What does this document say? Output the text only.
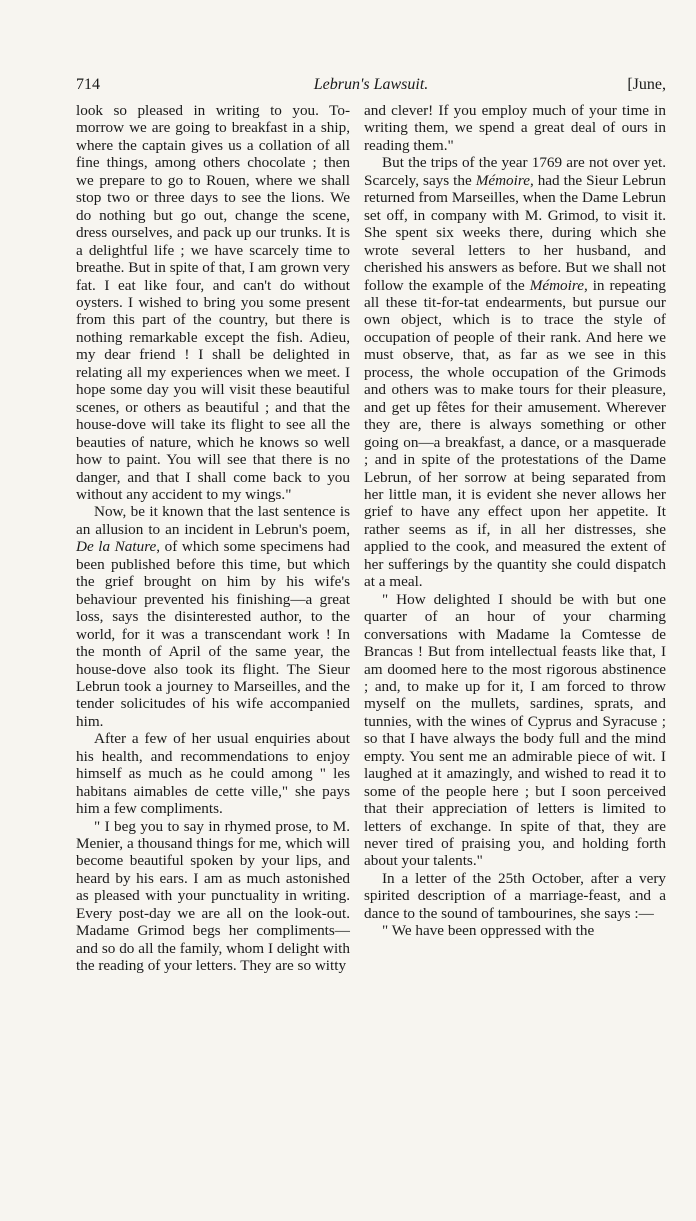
714	Lebrun's Lawsuit.	[June,

look so pleased in writing to you. To-morrow we are going to breakfast in a ship, where the captain gives us a collation of all fine things, among others chocolate ; then we prepare to go to Rouen, where we shall stop two or three days to see the lions. We do nothing but go out, change the scene, dress ourselves, and pack up our trunks. It is a delightful life ; we have scarcely time to breathe. But in spite of that, I am grown very fat. I eat like four, and can't do without oysters. I wished to bring you some present from this part of the country, but there is nothing remarkable except the fish. Adieu, my dear friend ! I shall be delighted in relating all my experiences when we meet. I hope some day you will visit these beautiful scenes, or others as beautiful ; and that the house-dove will take its flight to see all the beauties of nature, which he knows so well how to paint. You will see that there is no danger, and that I shall come back to you without any accident to my wings."

Now, be it known that the last sentence is an allusion to an incident in Lebrun's poem, De la Nature, of which some specimens had been published before this time, but which the grief brought on him by his wife's behaviour prevented his finishing—a great loss, says the disinterested author, to the world, for it was a transcendant work ! In the month of April of the same year, the house-dove also took its flight. The Sieur Lebrun took a journey to Marseilles, and the tender solicitudes of his wife accompanied him.

After a few of her usual enquiries about his health, and recommendations to enjoy himself as much as he could among " les habitans aimables de cette ville," she pays him a few compliments.

" I beg you to say in rhymed prose, to M. Menier, a thousand things for me, which will become beautiful spoken by your lips, and heard by his ears. I am as much astonished as pleased with your punctuality in writing. Every post-day we are all on the look-out. Madame Grimod begs her compliments—and so do all the family, whom I delight with the reading of your letters. They are so witty

and clever! If you employ much of your time in writing them, we spend a great deal of ours in reading them."

But the trips of the year 1769 are not over yet. Scarcely, says the Mémoire, had the Sieur Lebrun returned from Marseilles, when the Dame Lebrun set off, in company with M. Grimod, to visit it. She spent six weeks there, during which she wrote several letters to her husband, and cherished his answers as before. But we shall not follow the example of the Mémoire, in repeating all these tit-for-tat endearments, but pursue our own object, which is to trace the style of occupation of people of their rank. And here we must observe, that, as far as we see in this process, the whole occupation of the Grimods and others was to make tours for their pleasure, and get up fêtes for their amusement. Wherever they are, there is always something or other going on—a breakfast, a dance, or a masquerade ; and in spite of the protestations of the Dame Lebrun, of her sorrow at being separated from her little man, it is evident she never allows her grief to have any effect upon her appetite. It rather seems as if, in all her distresses, she applied to the cook, and measured the extent of her sufferings by the quantity she could dispatch at a meal.

" How delighted I should be with but one quarter of an hour of your charming conversations with Madame la Comtesse de Brancas ! But from intellectual feasts like that, I am doomed here to the most rigorous abstinence ; and, to make up for it, I am forced to throw myself on the mullets, sardines, sprats, and tunnies, with the wines of Cyprus and Syracuse ; so that I have always the body full and the mind empty. You sent me an admirable piece of wit. I laughed at it amazingly, and wished to read it to some of the people here ; but I soon perceived that their appreciation of letters is limited to letters of exchange. In spite of that, they are never tired of praising you, and holding forth about your talents."

In a letter of the 25th October, after a very spirited description of a marriage-feast, and a dance to the sound of tambourines, she says :—

" We have been oppressed with the
